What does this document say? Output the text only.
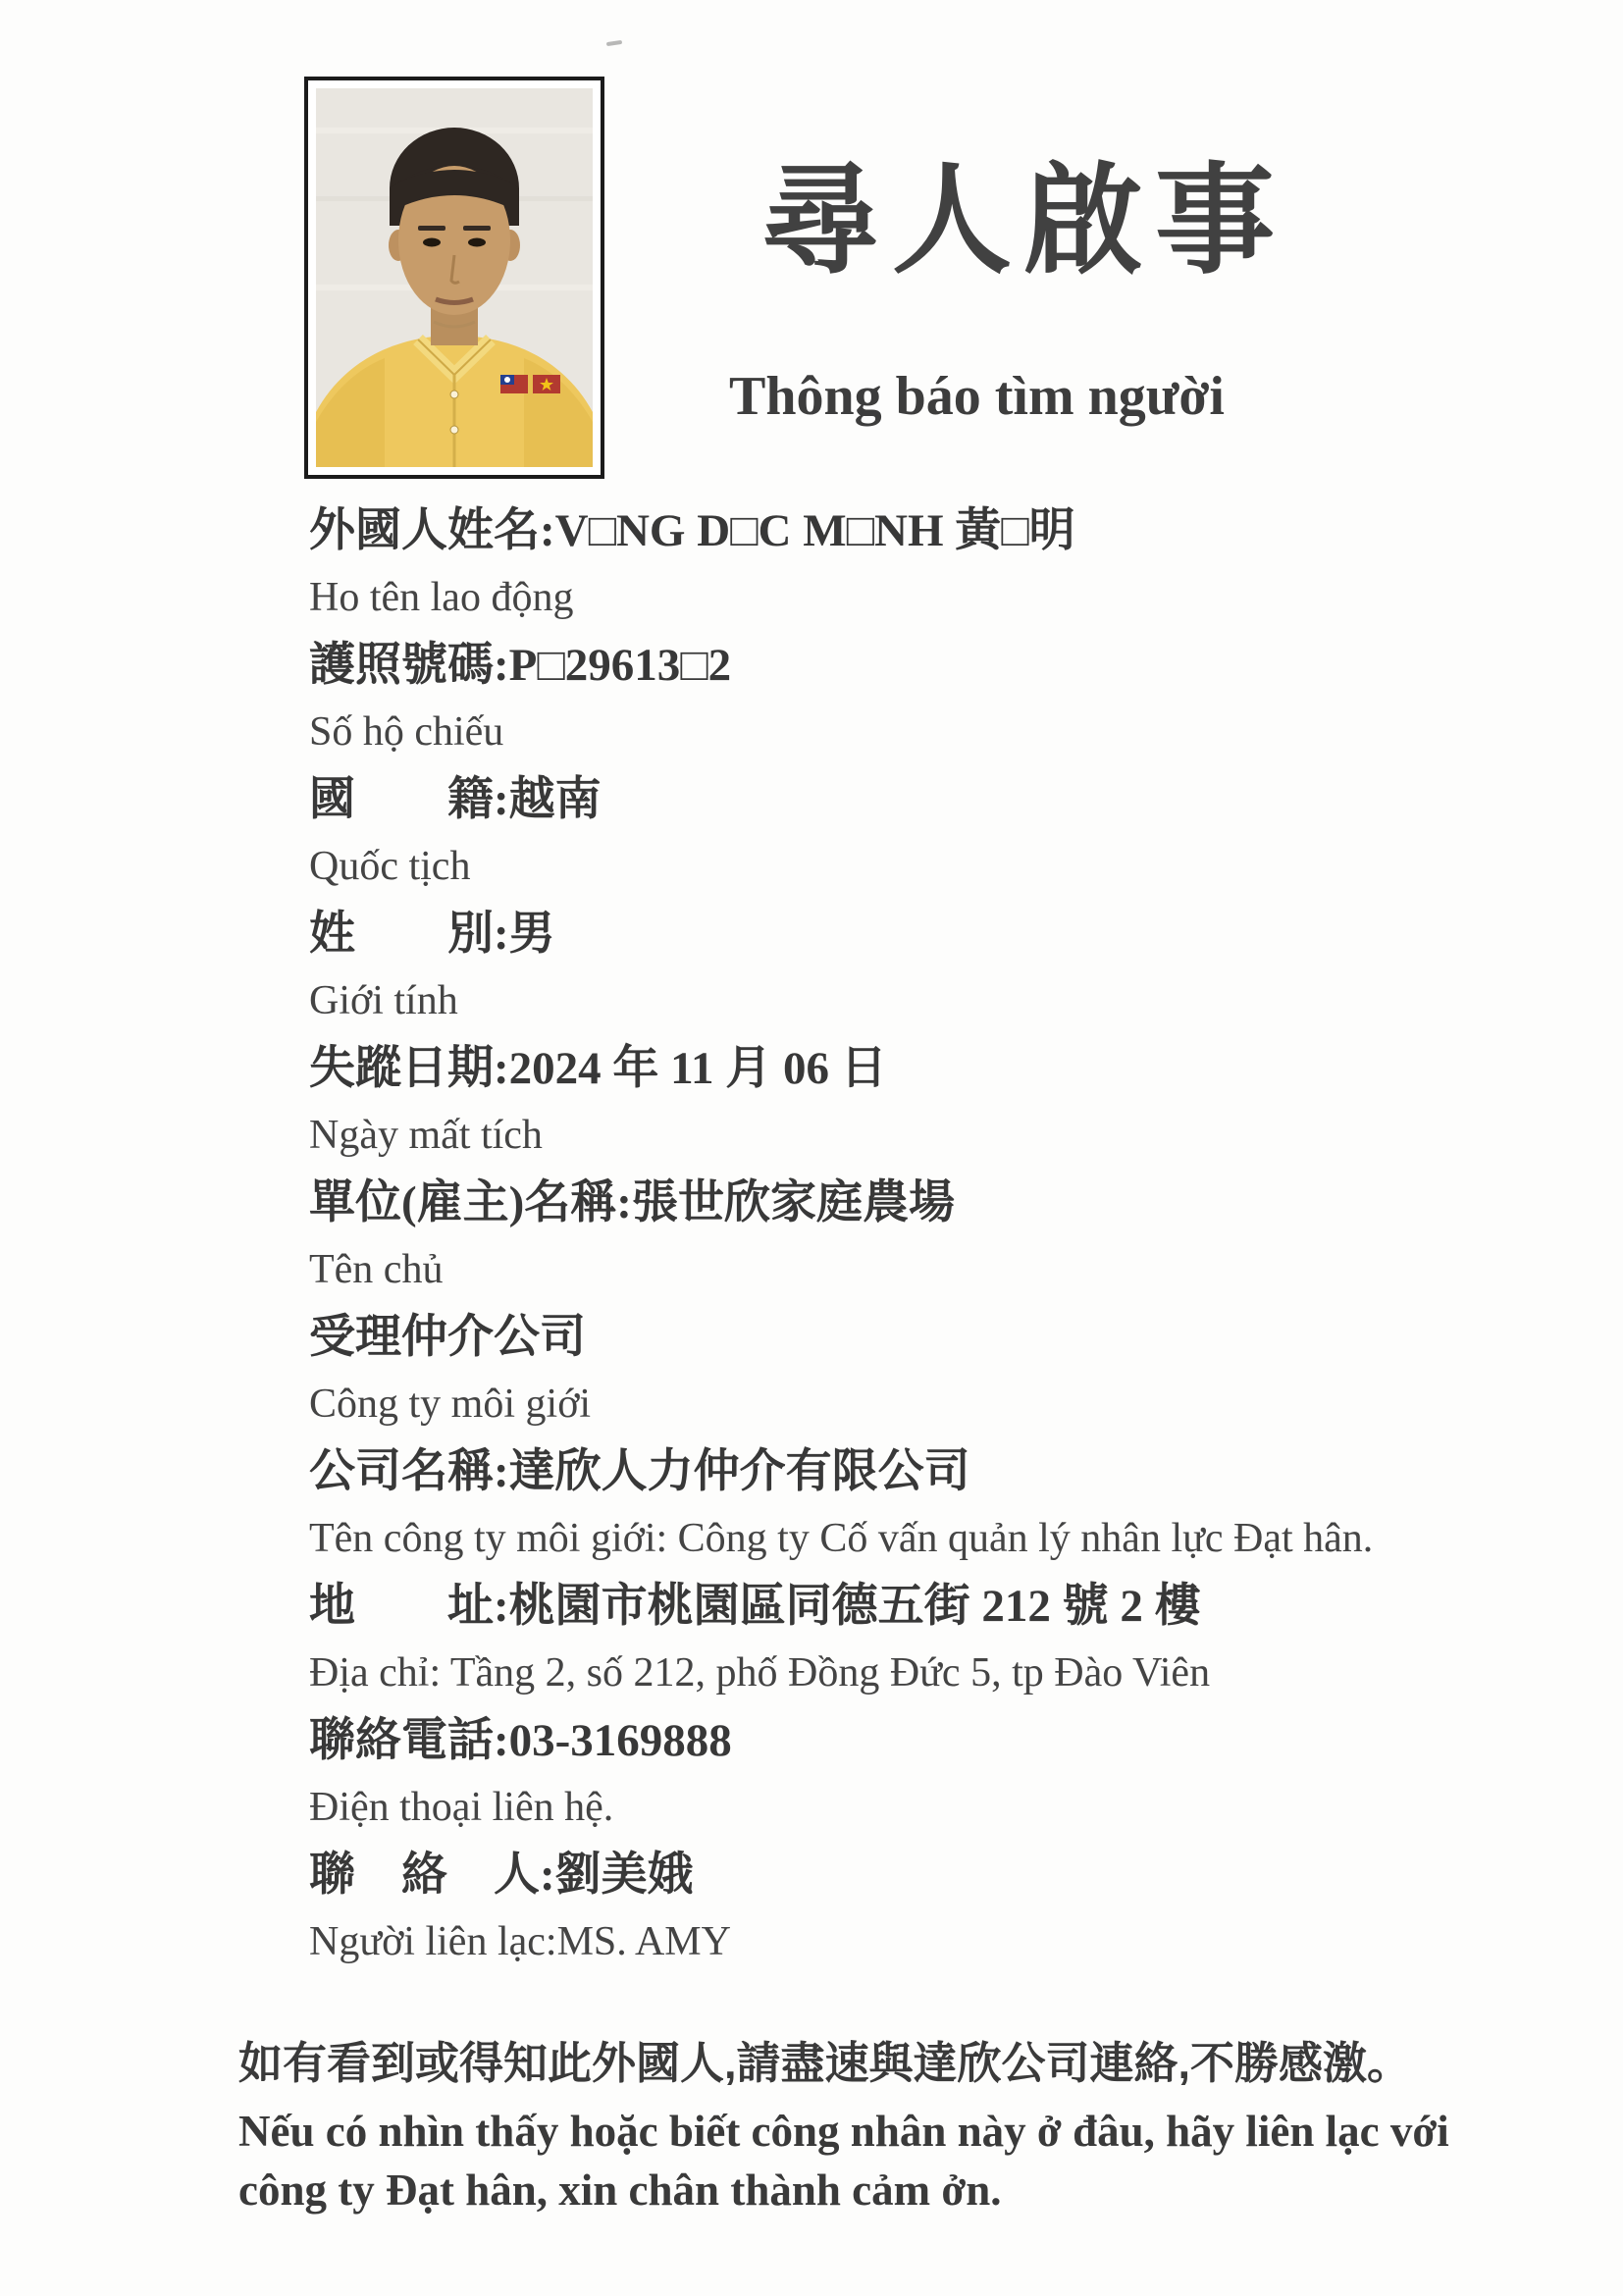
尋人啟事
Thông báo tìm người
外國人姓名:V□NG D□C M□NH 黃□明
Ho tên lao động
護照號碼:P□29613□2
Số hộ chiếu
國　　籍:越南
Quốc tịch
姓　　別:男
Giới tính
失蹤日期:2024 年 11 月 06 日
Ngày mất tích
單位(雇主)名稱:張世欣家庭農場
Tên chủ
受理仲介公司
Công ty môi giới
公司名稱:達欣人力仲介有限公司
Tên công ty môi giới: Công ty Cố vấn quản lý nhân lực Đạt hân.
地　　址:桃園市桃園區同德五街 212 號 2 樓
Địa chỉ: Tầng 2, số 212, phố Đồng Đức 5, tp Đào Viên
聯絡電話:03-3169888
Điện thoại liên hệ.
聯　絡　人:劉美娥
Người liên lạc:MS. AMY
如有看到或得知此外國人,請盡速與達欣公司連絡,不勝感激。
Nếu có nhìn thấy hoặc biết công nhân này ở đâu, hãy liên lạc với
công ty Đạt hân, xin chân thành cảm ởn.
